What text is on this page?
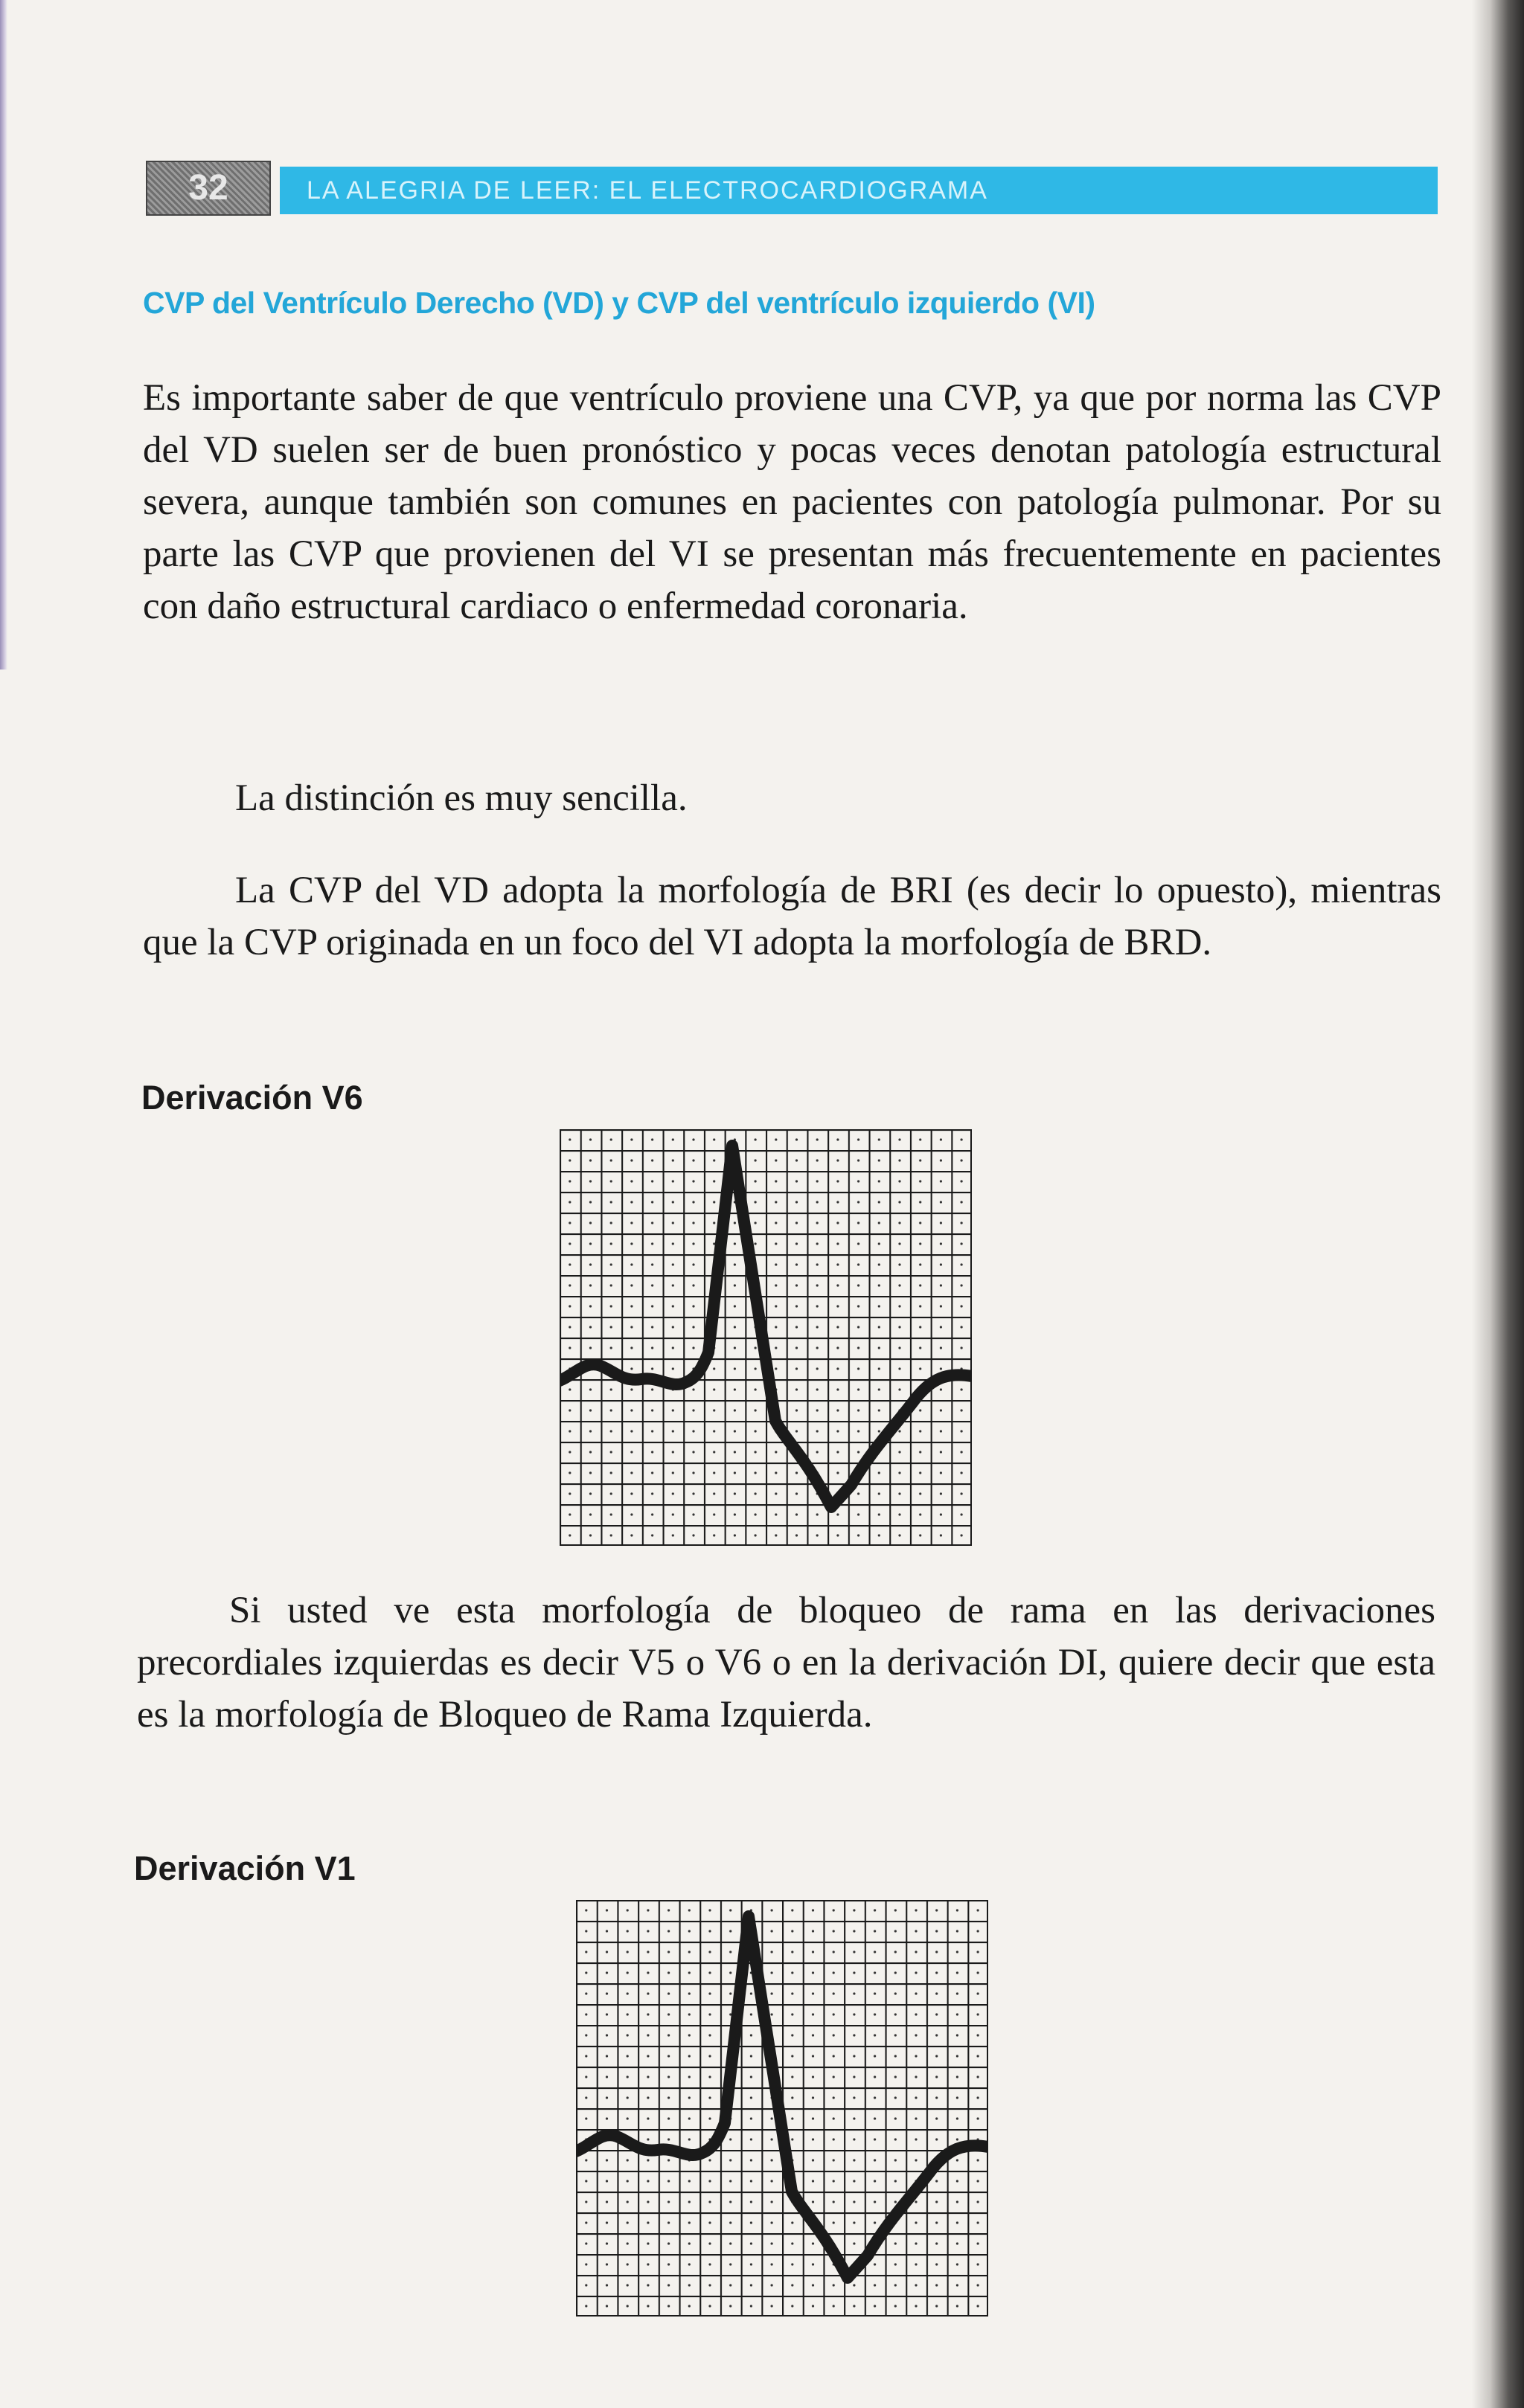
32	LA ALEGRIA DE LEER: EL ELECTROCARDIOGRAMA
CVP del Ventrículo Derecho (VD) y CVP del ventrículo izquierdo (VI)

Es importante saber de que ventrículo proviene una CVP, ya que por norma las CVP del VD suelen ser de buen pronóstico y pocas veces denotan patología estructural severa, aunque también son comunes en pacientes con patología pulmonar. Por su parte las CVP que provienen del VI se presentan más frecuentemente en pacientes con daño estructural cardiaco o enfermedad coronaria.

La distinción es muy sencilla.

La CVP del VD adopta la morfología de BRI (es decir lo opuesto), mientras que la CVP originada en un foco del VI adopta la morfología de BRD.

Derivación V6

Si usted ve esta morfología de bloqueo de rama en las derivaciones precordiales izquierdas es decir V5 o V6 o en la derivación DI, quiere decir que esta es la morfología de Bloqueo de Rama Izquierda.

Derivación V1
